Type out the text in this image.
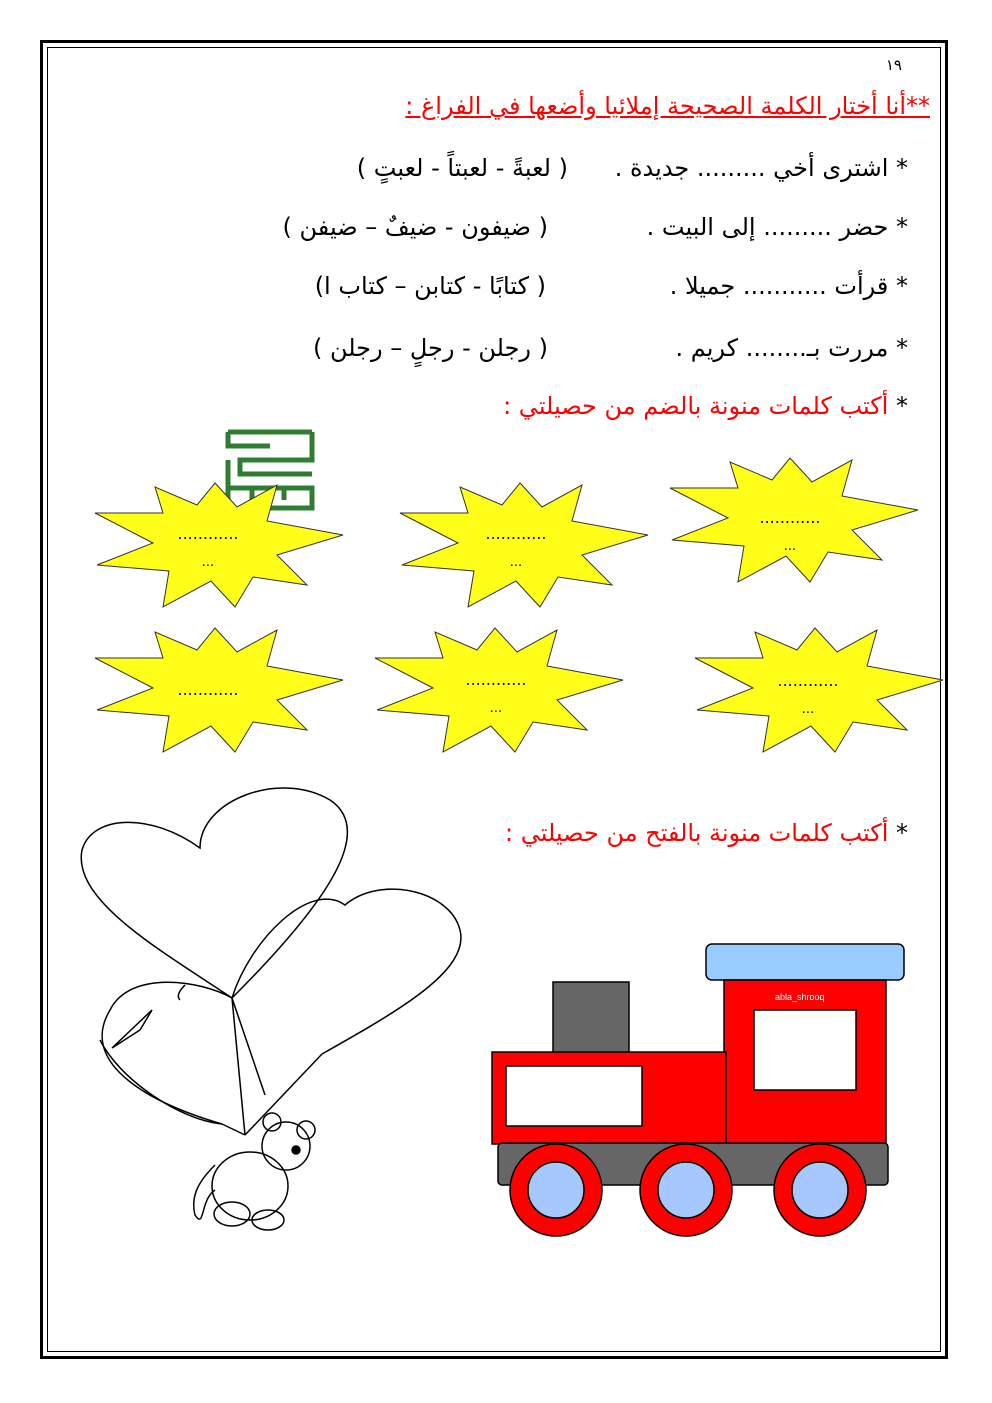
١٩
**أنا أختار الكلمة الصحيحة إملائيا وأضعها في الفراغ :
* اشترى أخي ......... جديدة .
( لعبةً - لعبتاً - لعبتٍ )
* حضر ......... إلى البيت .
( ضيفون - ضيفٌ – ضيفن )
* قرأت ........... جميلا .
( كتابًا - كتابن – كتاب ا)
* مررت بـ........ كريم .
( رجلن - رجلٍ – رجلن )
* أكتب كلمات منونة بالضم من حصيلتي :
* أكتب كلمات منونة بالفتح من حصيلتي :
abla_shrooq
............
...
............
...
............
...
............
...
............
...
............
